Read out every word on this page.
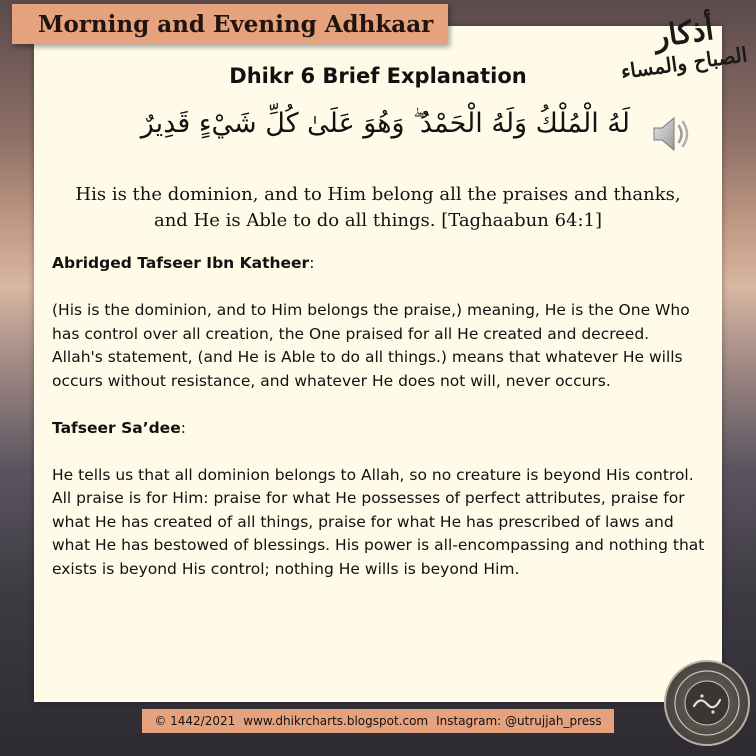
Morning and Evening Adhkaar	أذكار
الصباح والمساء
Dhikr 6 Brief Explanation
لَهُ الْمُلْكُ وَلَهُ الْحَمْدُ ۖ وَهُوَ عَلَىٰ كُلِّ شَيْءٍ قَدِيرٌ
His is the dominion, and to Him belong all the praises and thanks,
and He is Able to do all things. [Taghaabun 64:1]

Abridged Tafseer Ibn Katheer:

(His is the dominion, and to Him belongs the praise,) meaning, He is the One Who has control over all creation, the One praised for all He created and decreed.

Allah's statement, (and He is Able to do all things.) means that whatever He wills occurs without resistance, and whatever He does not will, never occurs.

Tafseer Sa’dee:

He tells us that all dominion belongs to Allah, so no creature is beyond His control. All praise is for Him: praise for what He possesses of perfect attributes, praise for what He has created of all things, praise for what He has prescribed of laws and what He has bestowed of blessings. His power is all-encompassing and nothing that exists is beyond His control; nothing He wills is beyond Him.

© 1442/2021 www.dhikrcharts.blogspot.com Instagram: @utrujjah_press
